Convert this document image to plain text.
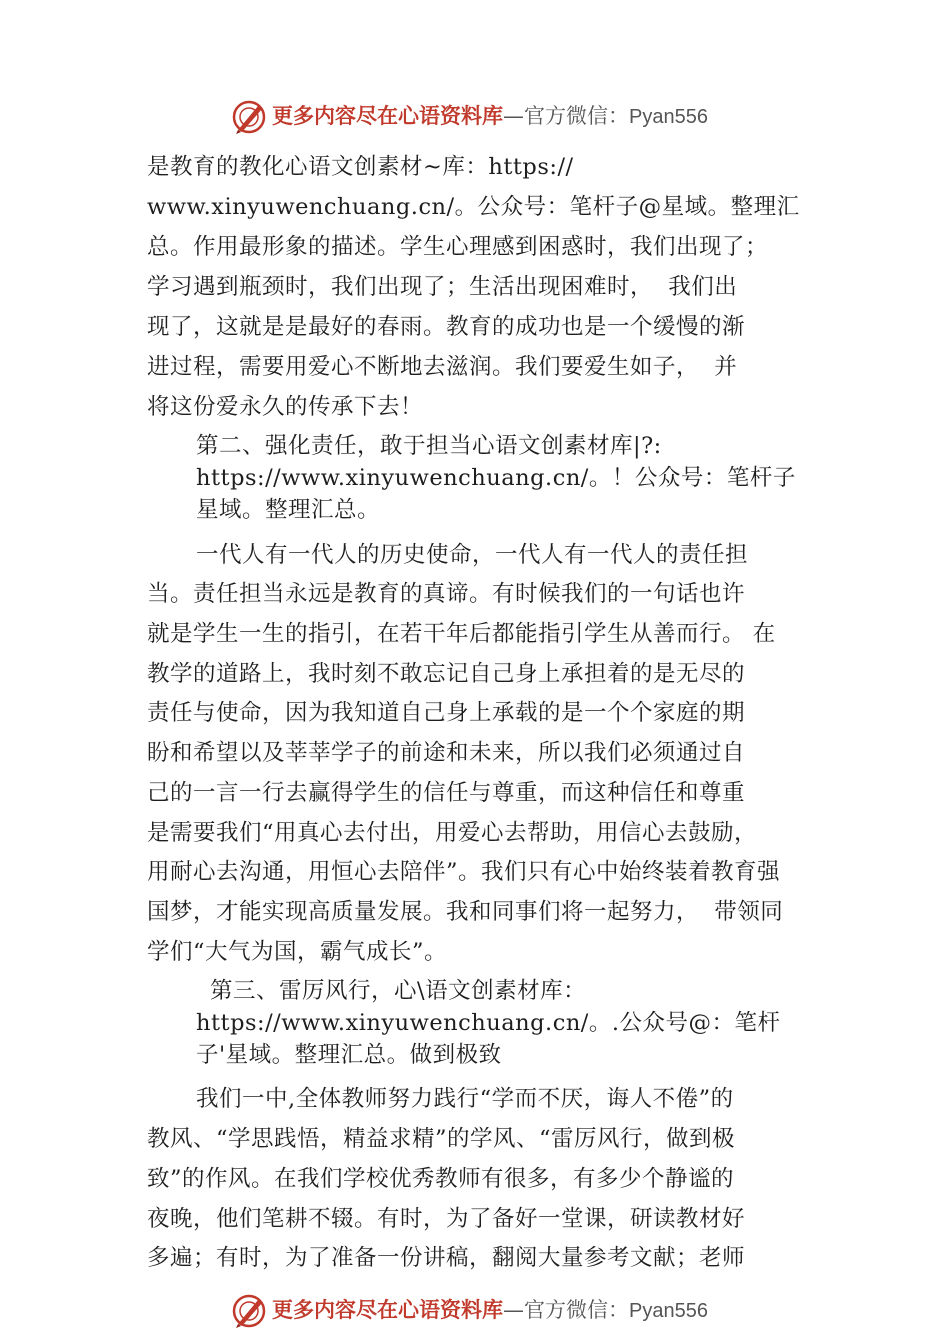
更多内容尽在心语资料库—官方微信：Pyan556
是教育的教化心语文创素材~库：https://
www.xinyuwenchuang.cn/。公众号：笔杆子@星域。整理汇
总。作用最形象的描述。学生心理感到困惑时，我们出现了；
学习遇到瓶颈时，我们出现了；生活出现困难时，  我们出
现了，这就是是最好的春雨。教育的成功也是一个缓慢的渐
进过程，需要用爱心不断地去滋润。我们要爱生如子，  并
将这份爱永久的传承下去！
第二、强化责任，敢于担当心语文创素材库|?:
https://www.xinyuwenchuang.cn/。！公众号：笔杆子
星域。整理汇总。
一代人有一代人的历史使命，一代人有一代人的责任担
当。责任担当永远是教育的真谛。有时候我们的一句话也许
就是学生一生的指引，在若干年后都能指引学生从善而行。 在
教学的道路上，我时刻不敢忘记自己身上承担着的是无尽的
责任与使命，因为我知道自己身上承载的是一个个家庭的期
盼和希望以及莘莘学子的前途和未来，所以我们必须通过自
己的一言一行去赢得学生的信任与尊重，而这种信任和尊重
是需要我们“用真心去付出，用爱心去帮助，用信心去鼓励，
用耐心去沟通，用恒心去陪伴”。我们只有心中始终装着教育强
国梦，才能实现高质量发展。我和同事们将一起努力，  带领同
学们“大气为国，霸气成长”。
第三、雷厉风行，心\语文创素材库：
https://www.xinyuwenchuang.cn/。.公众号@：笔杆
子'星域。整理汇总。做到极致
我们一中,全体教师努力践行“学而不厌，诲人不倦”的
教风、“学思践悟，精益求精”的学风、“雷厉风行，做到极
致”的作风。在我们学校优秀教师有很多，有多少个静谧的
夜晚，他们笔耕不辍。有时，为了备好一堂课，研读教材好
多遍；有时，为了准备一份讲稿，翻阅大量参考文献；老师
更多内容尽在心语资料库—官方微信：Pyan556
